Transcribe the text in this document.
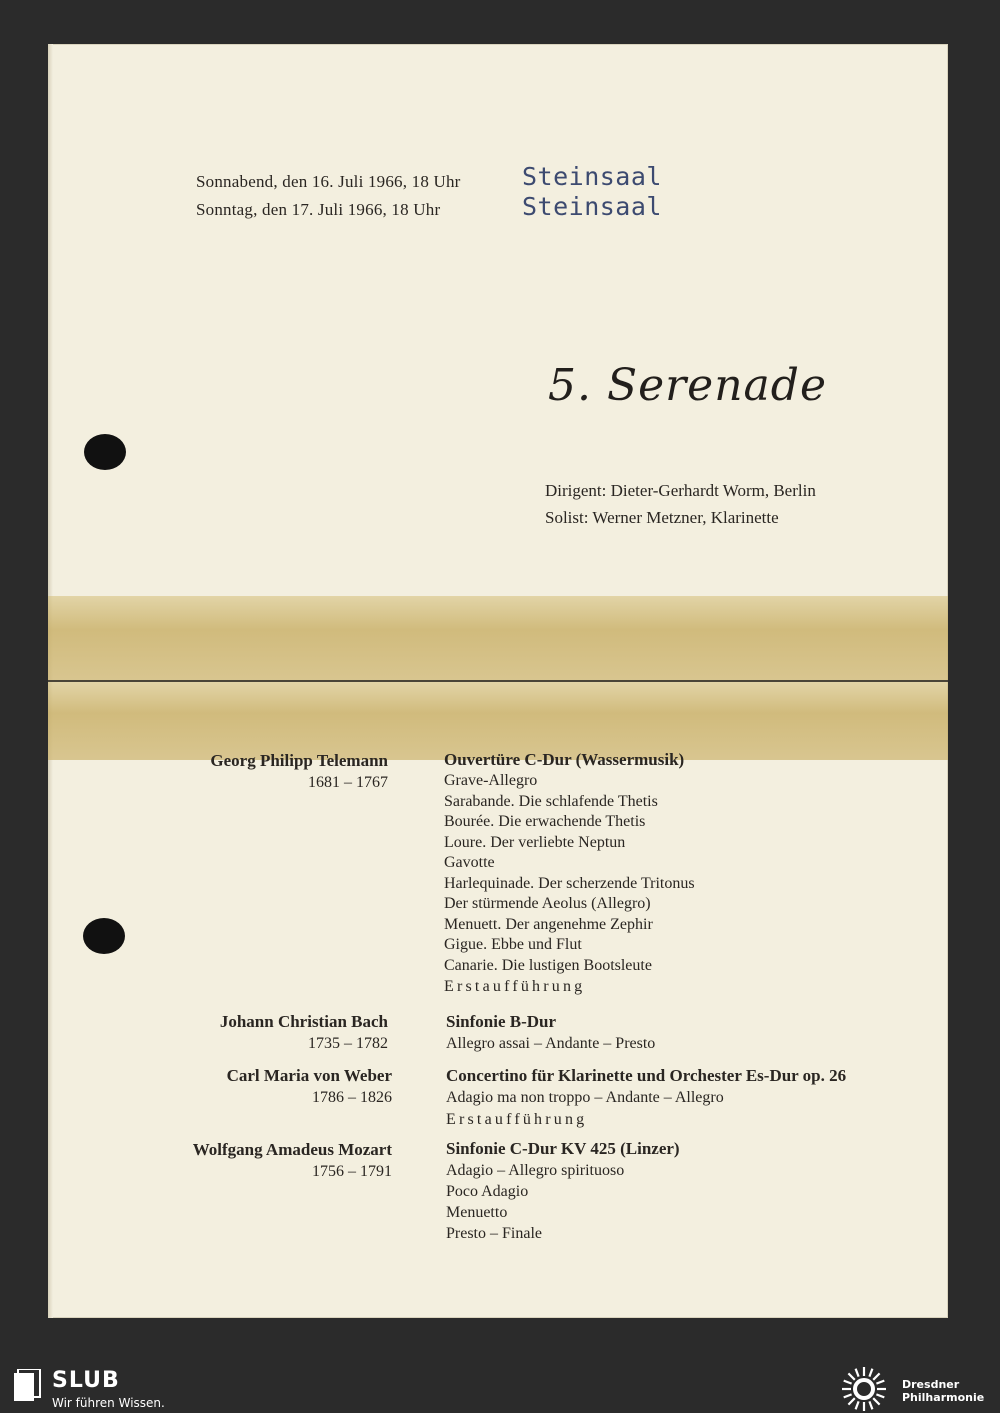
Sonnabend, den 16. Juli 1966, 18 Uhr Steinsaal
Sonntag, den 17. Juli 1966, 18 Uhr	Steinsaal
5. Serenade
Dirigent: Dieter-Gerhardt Worm, Berlin
Solist: Werner Metzner, Klarinette
Georg Philipp Telemann
1681 – 1767
Ouvertüre C-Dur (Wassermusik)
Grave-Allegro
Sarabande. Die schlafende Thetis
Bourée. Die erwachende Thetis
Loure. Der verliebte Neptun
Gavotte
Harlequinade. Der scherzende Tritonus
Der stürmende Aeolus (Allegro)
Menuett. Der angenehme Zephir
Gigue. Ebbe und Flut
Canarie. Die lustigen Bootsleute
Erstaufführung
Johann Christian Bach
1735 – 1782
Sinfonie B-Dur
Allegro assai – Andante – Presto
Carl Maria von Weber
1786 – 1826
Concertino für Klarinette und Orchester Es-Dur op. 26
Adagio ma non troppo – Andante – Allegro
Erstaufführung
Wolfgang Amadeus Mozart
1756 – 1791
Sinfonie C-Dur KV 425 (Linzer)
Adagio – Allegro spirituoso
Poco Adagio
Menuetto
Presto – Finale
SLUB
Wir führen Wissen.
Dresdner
Philharmonie
